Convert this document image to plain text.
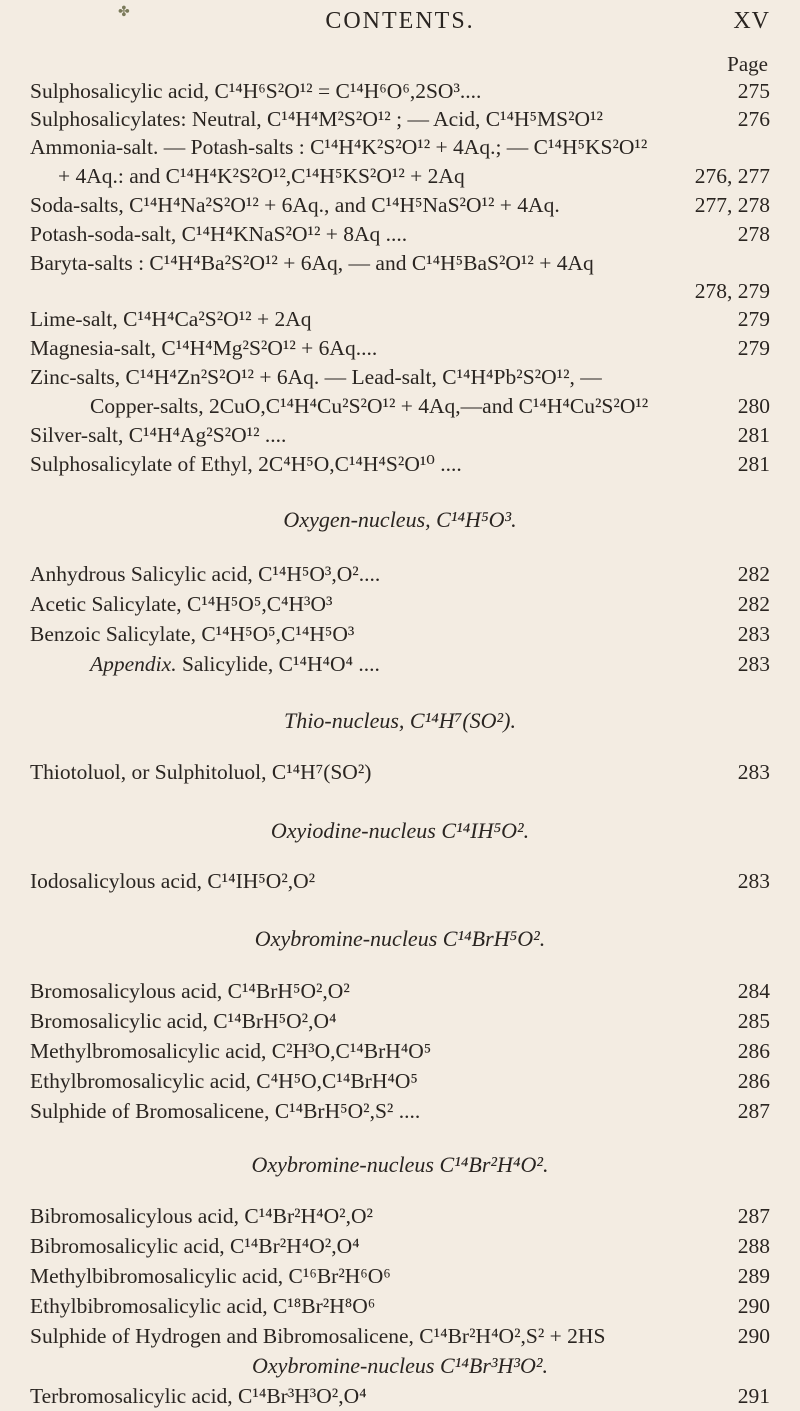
✤	CONTENTS.	XV
Page
Sulphosalicylic acid, C¹⁴H⁶S²O¹² = C¹⁴H⁶O⁶,2SO³....	275
Sulphosalicylates: Neutral, C¹⁴H⁴M²S²O¹² ; — Acid, C¹⁴H⁵MS²O¹²	276
Ammonia-salt. — Potash-salts : C¹⁴H⁴K²S²O¹² + 4Aq.; — C¹⁴H⁵KS²O¹²
+ 4Aq.: and C¹⁴H⁴K²S²O¹²,C¹⁴H⁵KS²O¹² + 2Aq	276, 277
Soda-salts, C¹⁴H⁴Na²S²O¹² + 6Aq., and C¹⁴H⁵NaS²O¹² + 4Aq.	277, 278
Potash-soda-salt, C¹⁴H⁴KNaS²O¹² + 8Aq ....	278
Baryta-salts : C¹⁴H⁴Ba²S²O¹² + 6Aq, — and C¹⁴H⁵BaS²O¹² + 4Aq
278, 279
Lime-salt, C¹⁴H⁴Ca²S²O¹² + 2Aq	279
Magnesia-salt, C¹⁴H⁴Mg²S²O¹² + 6Aq....	279
Zinc-salts, C¹⁴H⁴Zn²S²O¹² + 6Aq. — Lead-salt, C¹⁴H⁴Pb²S²O¹², —
Copper-salts, 2CuO,C¹⁴H⁴Cu²S²O¹² + 4Aq,—and C¹⁴H⁴Cu²S²O¹²	280
Silver-salt, C¹⁴H⁴Ag²S²O¹² ....	281
Sulphosalicylate of Ethyl, 2C⁴H⁵O,C¹⁴H⁴S²O¹⁰ ....	281
Oxygen-nucleus, C¹⁴H⁵O³.
Anhydrous Salicylic acid, C¹⁴H⁵O³,O²....	282
Acetic Salicylate, C¹⁴H⁵O⁵,C⁴H³O³	282
Benzoic Salicylate, C¹⁴H⁵O⁵,C¹⁴H⁵O³	283
Appendix. Salicylide, C¹⁴H⁴O⁴ ....	283
Thio-nucleus, C¹⁴H⁷(SO²).
Thiotoluol, or Sulphitoluol, C¹⁴H⁷(SO²)	283
Oxyiodine-nucleus C¹⁴IH⁵O².
Iodosalicylous acid, C¹⁴IH⁵O²,O²	283
Oxybromine-nucleus C¹⁴BrH⁵O².
Bromosalicylous acid, C¹⁴BrH⁵O²,O²	284
Bromosalicylic acid, C¹⁴BrH⁵O²,O⁴	285
Methylbromosalicylic acid, C²H³O,C¹⁴BrH⁴O⁵	286
Ethylbromosalicylic acid, C⁴H⁵O,C¹⁴BrH⁴O⁵	286
Sulphide of Bromosalicene, C¹⁴BrH⁵O²,S² ....	287
Oxybromine-nucleus C¹⁴Br²H⁴O².
Bibromosalicylous acid, C¹⁴Br²H⁴O²,O²	287
Bibromosalicylic acid, C¹⁴Br²H⁴O²,O⁴	288
Methylbibromosalicylic acid, C¹⁶Br²H⁶O⁶	289
Ethylbibromosalicylic acid, C¹⁸Br²H⁸O⁶	290
Sulphide of Hydrogen and Bibromosalicene, C¹⁴Br²H⁴O²,S² + 2HS	290
Oxybromine-nucleus C¹⁴Br³H³O².
Terbromosalicylic acid, C¹⁴Br³H³O²,O⁴	291
